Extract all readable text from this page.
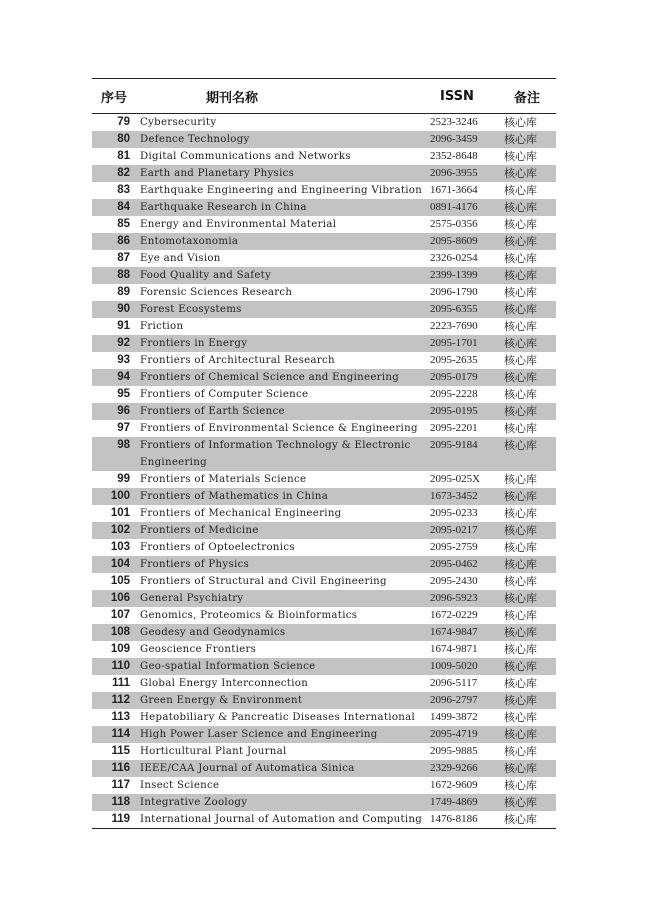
序号	期刊名称	ISSN	备注
79	Cybersecurity	2523-3246	核心库
80	Defence Technology	2096-3459	核心库
81	Digital Communications and Networks	2352-8648	核心库
82	Earth and Planetary Physics	2096-3955	核心库
83	Earthquake Engineering and Engineering Vibration	1671-3664	核心库
84	Earthquake Research in China	0891-4176	核心库
85	Energy and Environmental Material	2575-0356	核心库
86	Entomotaxonomia	2095-8609	核心库
87	Eye and Vision	2326-0254	核心库
88	Food Quality and Safety	2399-1399	核心库
89	Forensic Sciences Research	2096-1790	核心库
90	Forest Ecosystems	2095-6355	核心库
91	Friction	2223-7690	核心库
92	Frontiers in Energy	2095-1701	核心库
93	Frontiers of Architectural Research	2095-2635	核心库
94	Frontiers of Chemical Science and Engineering	2095-0179	核心库
95	Frontiers of Computer Science	2095-2228	核心库
96	Frontiers of Earth Science	2095-0195	核心库
97	Frontiers of Environmental Science & Engineering	2095-2201	核心库
98	Frontiers of Information Technology & Electronic Engineering	2095-9184	核心库
99	Frontiers of Materials Science	2095-025X	核心库
100	Frontiers of Mathematics in China	1673-3452	核心库
101	Frontiers of Mechanical Engineering	2095-0233	核心库
102	Frontiers of Medicine	2095-0217	核心库
103	Frontiers of Optoelectronics	2095-2759	核心库
104	Frontiers of Physics	2095-0462	核心库
105	Frontiers of Structural and Civil Engineering	2095-2430	核心库
106	General Psychiatry	2096-5923	核心库
107	Genomics, Proteomics & Bioinformatics	1672-0229	核心库
108	Geodesy and Geodynamics	1674-9847	核心库
109	Geoscience Frontiers	1674-9871	核心库
110	Geo-spatial Information Science	1009-5020	核心库
111	Global Energy Interconnection	2096-5117	核心库
112	Green Energy & Environment	2096-2797	核心库
113	Hepatobiliary & Pancreatic Diseases International	1499-3872	核心库
114	High Power Laser Science and Engineering	2095-4719	核心库
115	Horticultural Plant Journal	2095-9885	核心库
116	IEEE/CAA Journal of Automatica Sinica	2329-9266	核心库
117	Insect Science	1672-9609	核心库
118	Integrative Zoology	1749-4869	核心库
119	International Journal of Automation and Computing	1476-8186	核心库
